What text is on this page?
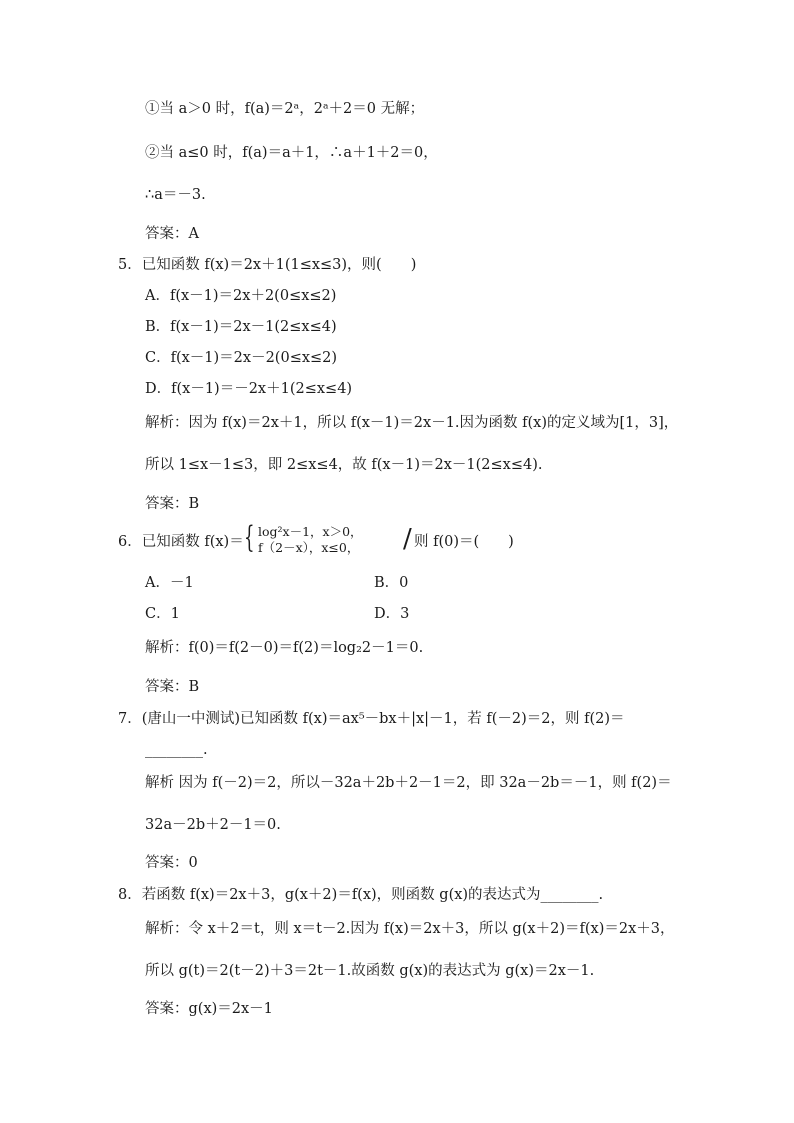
①当 a＞0 时，f(a)＝2ᵃ，2ᵃ＋2＝0 无解；
②当 a≤0 时，f(a)＝a＋1，∴a＋1＋2＝0，
∴a＝－3.
答案：A
5．已知函数 f(x)＝2x＋1(1≤x≤3)，则(　　)
A．f(x－1)＝2x＋2(0≤x≤2)
B．f(x－1)＝2x－1(2≤x≤4)
C．f(x－1)＝2x－2(0≤x≤2)
D．f(x－1)＝－2x＋1(2≤x≤4)
解析：因为 f(x)＝2x＋1，所以 f(x－1)＝2x－1.因为函数 f(x)的定义域为[1，3]，
所以 1≤x－1≤3，即 2≤x≤4，故 f(x－1)＝2x－1(2≤x≤4).
答案：B
6．已知函数 f(x)＝ { log²x－1，x＞0，
f（2－x），x≤0， / 则 f(0)＝(　　)
A．－1	B．0
C．1	D．3
解析：f(0)＝f(2－0)＝f(2)＝log₂2－1＝0.
答案：B
7．(唐山一中测试)已知函数 f(x)＝ax⁵－bx＋|x|－1，若 f(－2)＝2，则 f(2)＝
________.
解析 因为 f(－2)＝2，所以－32a＋2b＋2－1＝2，即 32a－2b＝－1，则 f(2)＝
32a－2b＋2－1＝0.
答案：0
8．若函数 f(x)＝2x＋3，g(x＋2)＝f(x)，则函数 g(x)的表达式为________.
解析：令 x＋2＝t，则 x＝t－2.因为 f(x)＝2x＋3，所以 g(x＋2)＝f(x)＝2x＋3，
所以 g(t)＝2(t－2)＋3＝2t－1.故函数 g(x)的表达式为 g(x)＝2x－1.
答案：g(x)＝2x－1
